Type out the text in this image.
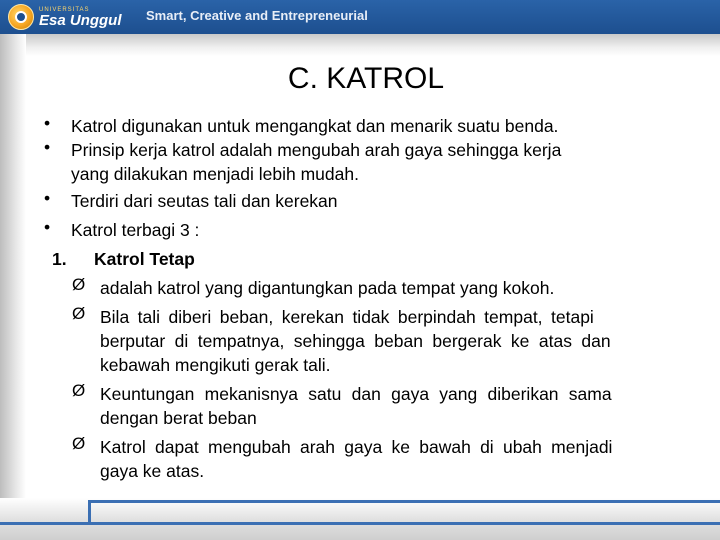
UNIVERSITAS
Esa Unggul Smart, Creative and Entrepreneurial
C. KATROL
• Katrol digunakan untuk mengangkat dan menarik suatu benda.
• Prinsip kerja katrol adalah mengubah arah gaya sehingga kerja
yang dilakukan menjadi lebih mudah.
• Terdiri dari seutas tali dan kerekan
• Katrol terbagi 3 :
1. Katrol Tetap
Ø adalah katrol yang digantungkan pada tempat yang kokoh.
Ø Bila tali diberi beban, kerekan tidak berpindah tempat, tetapi
berputar di tempatnya, sehingga beban bergerak ke atas dan
kebawah mengikuti gerak tali.
Ø Keuntungan mekanisnya satu dan gaya yang diberikan sama
dengan berat beban
Ø Katrol dapat mengubah arah gaya ke bawah di ubah menjadi
gaya ke atas.
